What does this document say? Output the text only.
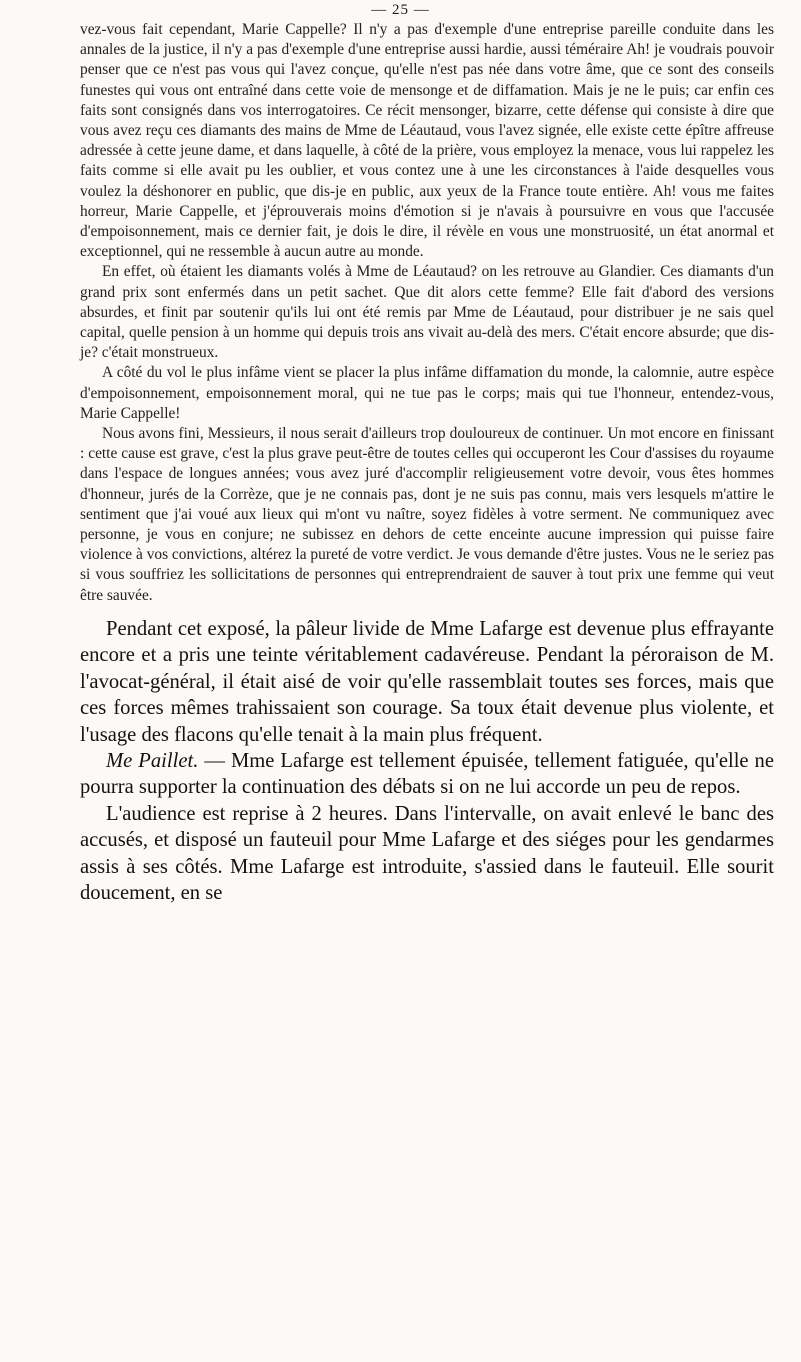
— 25 —

vez-vous fait cependant, Marie Cappelle? Il n'y a pas d'exemple d'une entreprise pareille conduite dans les annales de la justice, il n'y a pas d'exemple d'une entreprise aussi hardie, aussi téméraire Ah! je voudrais pouvoir penser que ce n'est pas vous qui l'avez conçue, qu'elle n'est pas née dans votre âme, que ce sont des conseils funestes qui vous ont entraîné dans cette voie de mensonge et de diffamation. Mais je ne le puis; car enfin ces faits sont consignés dans vos interrogatoires. Ce récit mensonger, bizarre, cette défense qui consiste à dire que vous avez reçu ces diamants des mains de Mme de Léautaud, vous l'avez signée, elle existe cette épître affreuse adressée à cette jeune dame, et dans laquelle, à côté de la prière, vous employez la menace, vous lui rappelez les faits comme si elle avait pu les oublier, et vous contez une à une les circonstances à l'aide desquelles vous voulez la déshonorer en public, que dis-je en public, aux yeux de la France toute entière. Ah! vous me faites horreur, Marie Cappelle, et j'éprouverais moins d'émotion si je n'avais à poursuivre en vous que l'accusée d'empoisonnement, mais ce dernier fait, je dois le dire, il révèle en vous une monstruosité, un état anormal et exceptionnel, qui ne ressemble à aucun autre au monde.

En effet, où étaient les diamants volés à Mme de Léautaud? on les retrouve au Glandier. Ces diamants d'un grand prix sont enfermés dans un petit sachet. Que dit alors cette femme? Elle fait d'abord des versions absurdes, et finit par soutenir qu'ils lui ont été remis par Mme de Léautaud, pour distribuer je ne sais quel capital, quelle pension à un homme qui depuis trois ans vivait au-delà des mers. C'était encore absurde; que dis-je? c'était monstrueux.

A côté du vol le plus infâme vient se placer la plus infâme diffamation du monde, la calomnie, autre espèce d'empoisonnement, empoisonnement moral, qui ne tue pas le corps; mais qui tue l'honneur, entendez-vous, Marie Cappelle!

Nous avons fini, Messieurs, il nous serait d'ailleurs trop douloureux de continuer. Un mot encore en finissant : cette cause est grave, c'est la plus grave peut-être de toutes celles qui occuperont les Cour d'assises du royaume dans l'espace de longues années; vous avez juré d'accomplir religieusement votre devoir, vous êtes hommes d'honneur, jurés de la Corrèze, que je ne connais pas, dont je ne suis pas connu, mais vers lesquels m'attire le sentiment que j'ai voué aux lieux qui m'ont vu naître, soyez fidèles à votre serment. Ne communiquez avec personne, je vous en conjure; ne subissez en dehors de cette enceinte aucune impression qui puisse faire violence à vos convictions, altérez la pureté de votre verdict. Je vous demande d'être justes. Vous ne le seriez pas si vous souffriez les sollicitations de personnes qui entreprendraient de sauver à tout prix une femme qui veut être sauvée.

Pendant cet exposé, la pâleur livide de Mme Lafarge est devenue plus effrayante encore et a pris une teinte véritablement cadavéreuse. Pendant la péroraison de M. l'avocat-général, il était aisé de voir qu'elle rassemblait toutes ses forces, mais que ces forces mêmes trahissaient son courage. Sa toux était devenue plus violente, et l'usage des flacons qu'elle tenait à la main plus fréquent.

Me Paillet. — Mme Lafarge est tellement épuisée, tellement fatiguée, qu'elle ne pourra supporter la continuation des débats si on ne lui accorde un peu de repos.

L'audience est reprise à 2 heures. Dans l'intervalle, on avait enlevé le banc des accusés, et disposé un fauteuil pour Mme Lafarge et des siéges pour les gendarmes assis à ses côtés. Mme Lafarge est introduite, s'assied dans le fauteuil. Elle sourit doucement, en se
